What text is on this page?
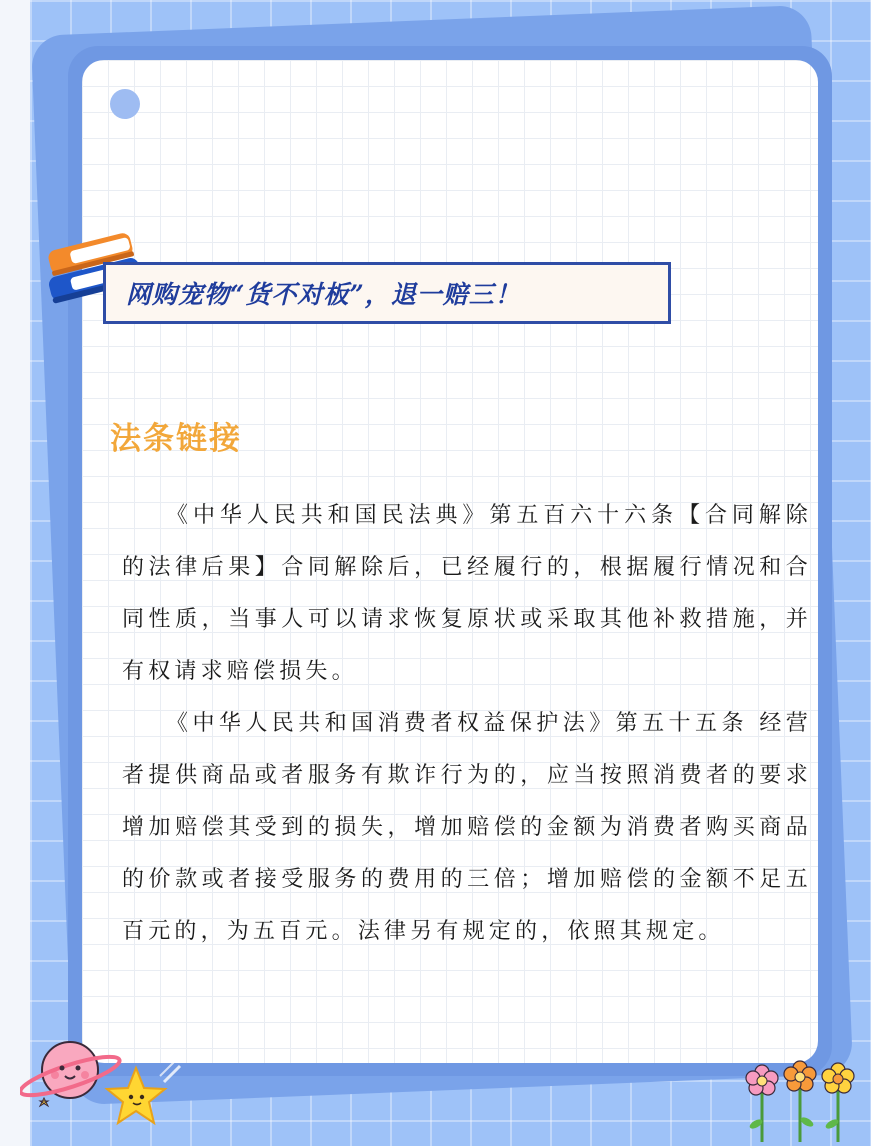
网购宠物“货不对板”，退一赔三！
法条链接

《中华人民共和国民法典》第五百六十六条【合同解除的法律后果】合同解除后，已经履行的，根据履行情况和合同性质，当事人可以请求恢复原状或采取其他补救措施，并有权请求赔偿损失。

《中华人民共和国消费者权益保护法》第五十五条 经营者提供商品或者服务有欺诈行为的，应当按照消费者的要求增加赔偿其受到的损失，增加赔偿的金额为消费者购买商品的价款或者接受服务的费用的三倍；增加赔偿的金额不足五百元的，为五百元。法律另有规定的，依照其规定。
